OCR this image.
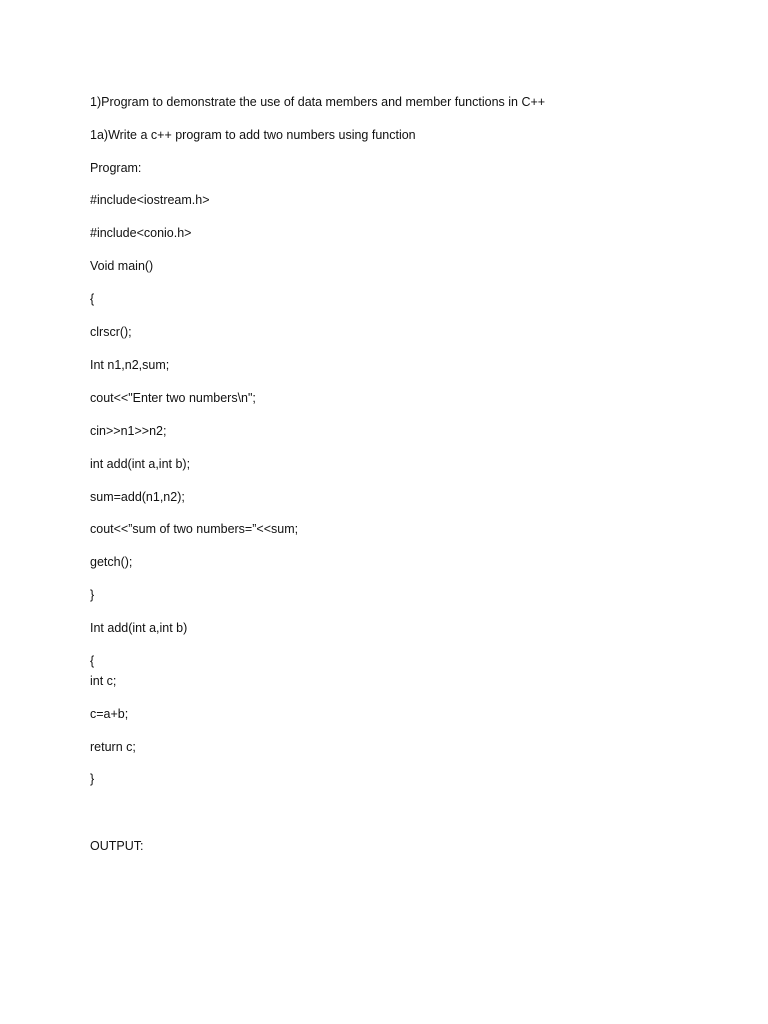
1)Program to demonstrate the use of data members and member functions in C++
1a)Write a c++ program to add two numbers using function
Program:
#include<iostream.h>
#include<conio.h>
Void main()
{
clrscr();
Int n1,n2,sum;
cout<<"Enter two numbers\n";
cin>>n1>>n2;
int add(int a,int b);
sum=add(n1,n2);
cout<<”sum of two numbers=”<<sum;
getch();
}
Int add(int a,int b)
{
int c;
c=a+b;
return c;
}
OUTPUT:
